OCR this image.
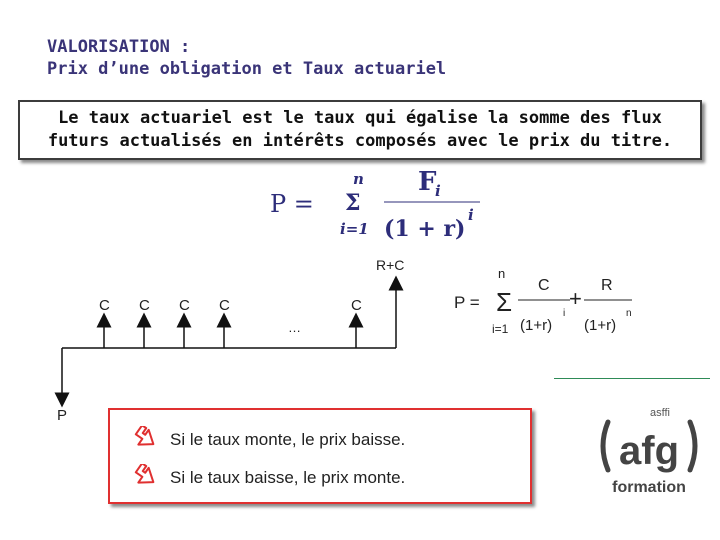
VALORISATION :
Prix d’une obligation et Taux actuariel
Le taux actuariel est le taux qui égalise la somme des flux
futurs actualisés en intérêts composés avec le prix du titre.
P =
n
Σ
i=1
F
i
(1 + r)
i
P
C C C C
…
C
R+C
P = Σ
n
i=1
C
(1+r)
i
+
R
(1+r)
n
Si le taux monte, le prix baisse.
Si le taux baisse, le prix monte.
asffi
afg
formation
